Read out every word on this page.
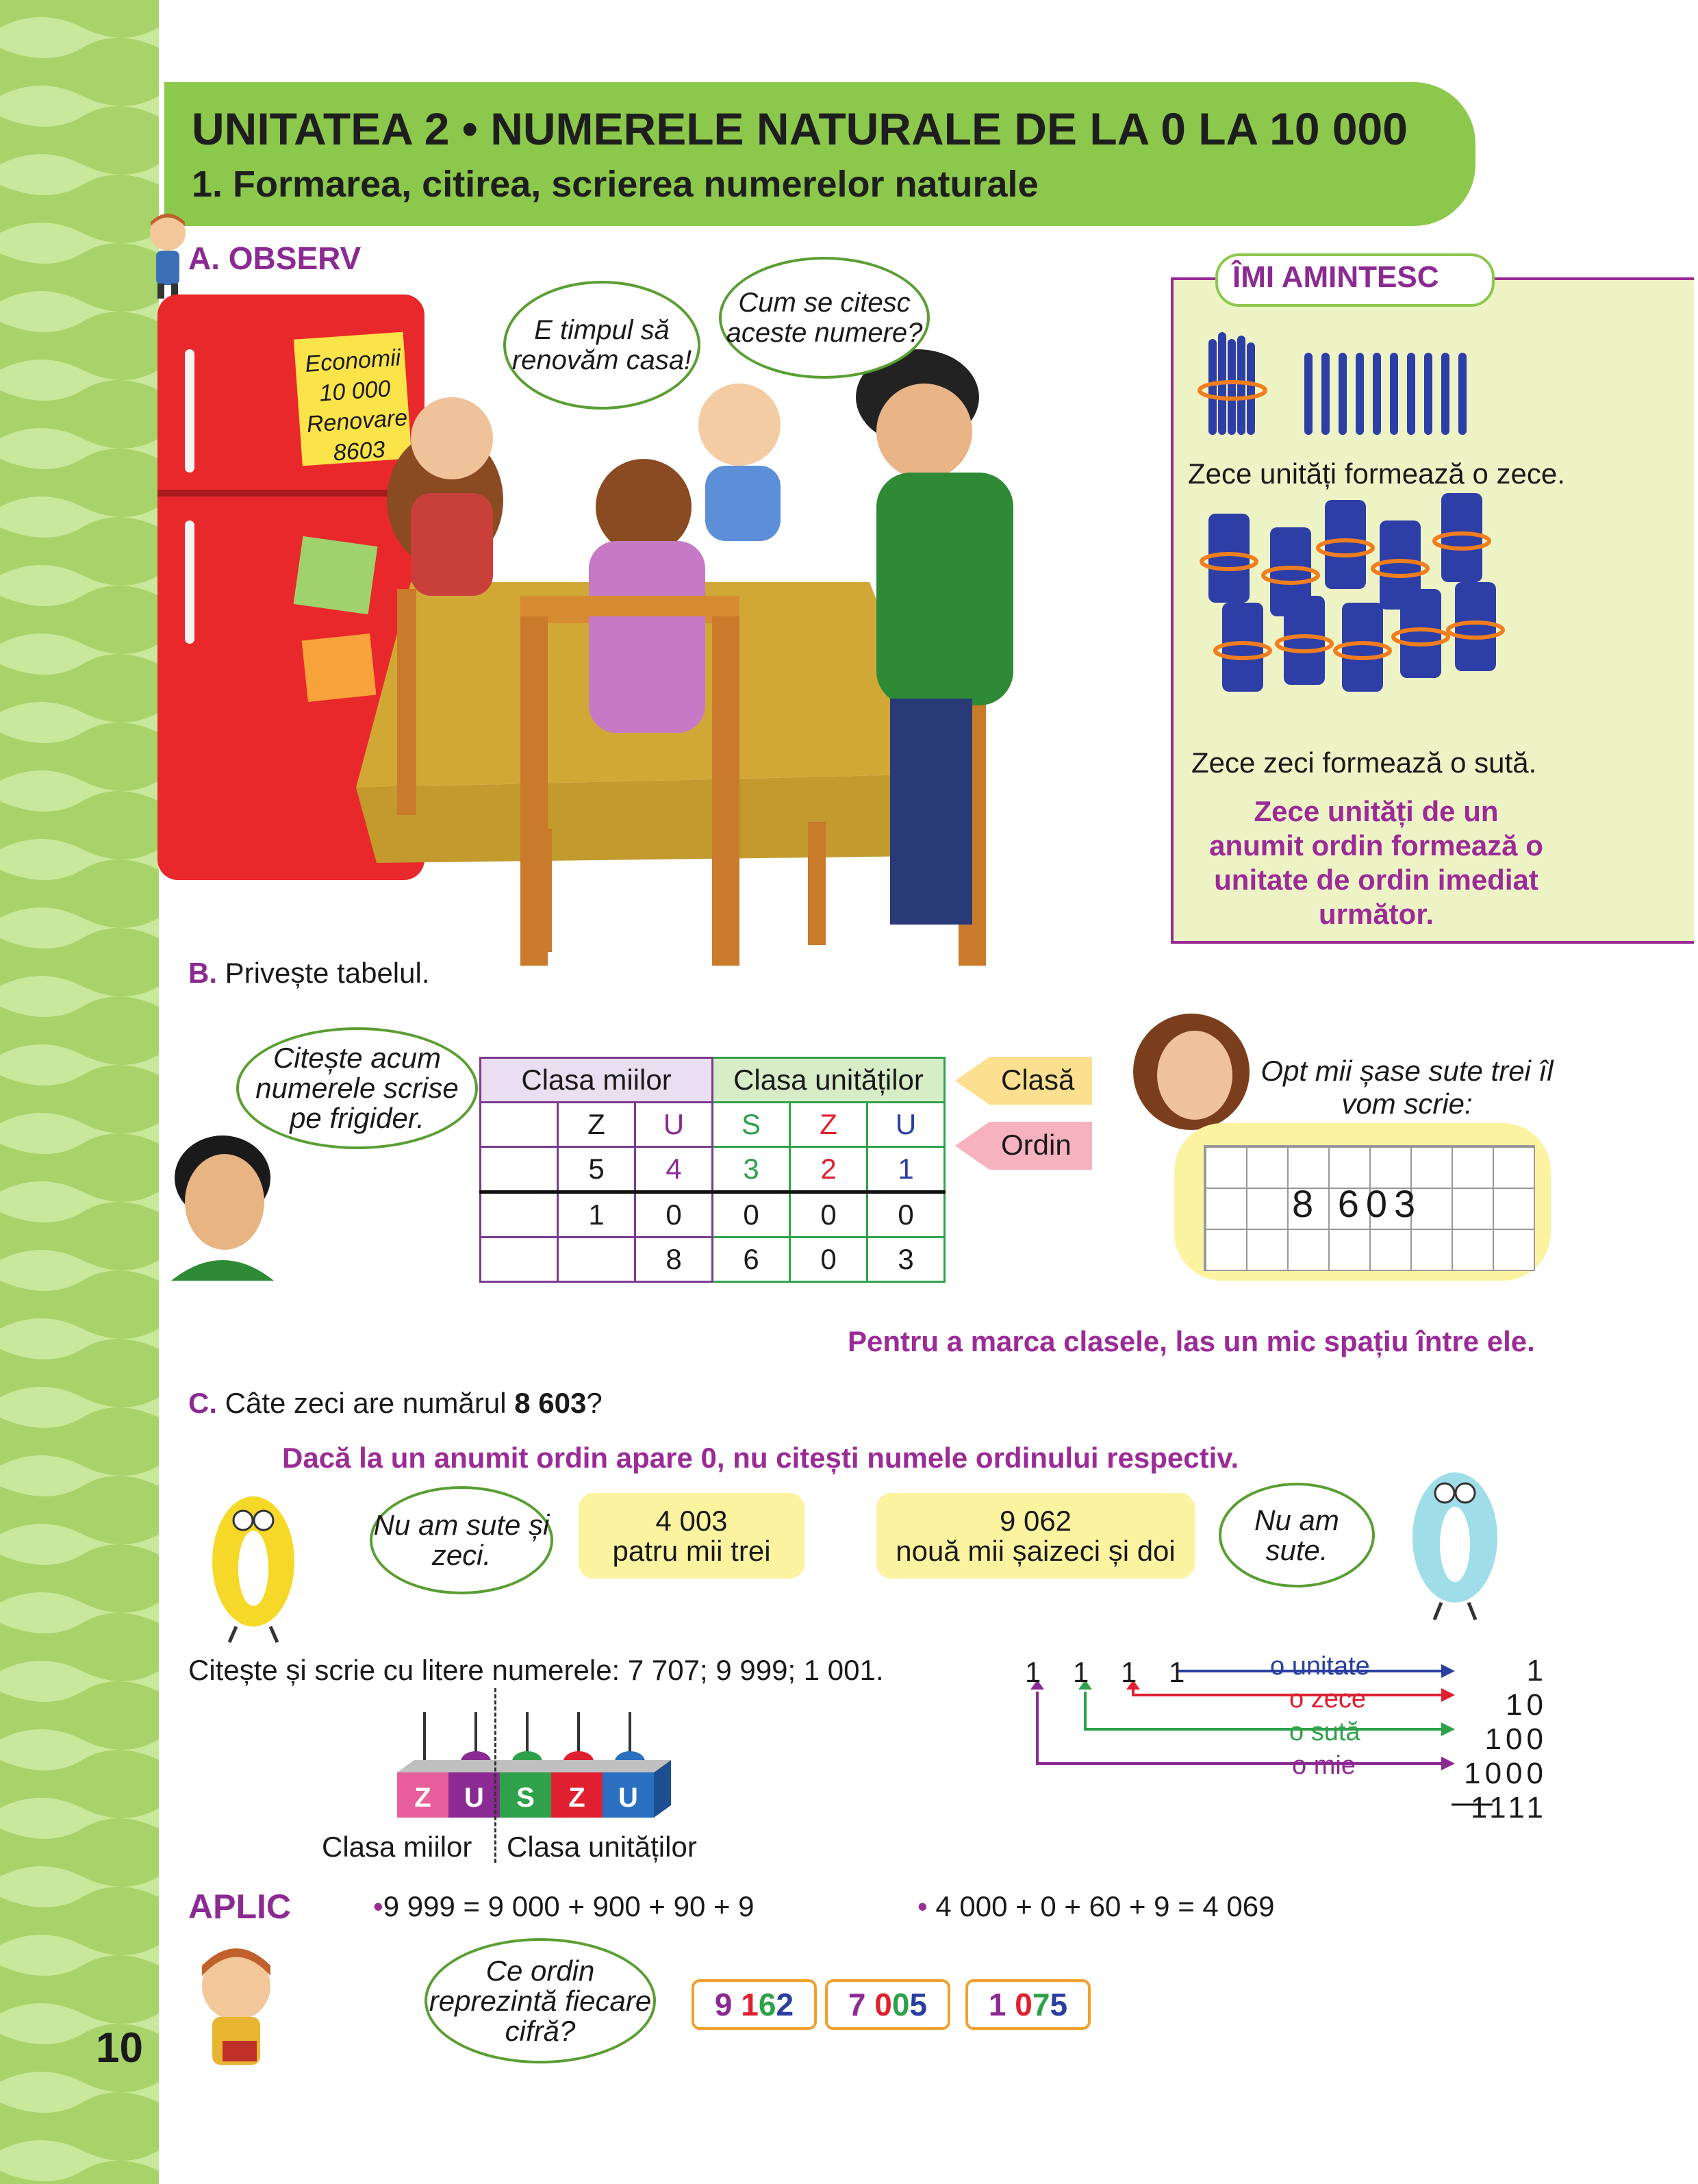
UNITATEA 2 • NUMERELE NATURALE DE LA 0 LA 10 000
1. Formarea, citirea, scrierea numerelor naturale
A. OBSERV
Economii
10 000
Renovare
8603
E timpul să renovăm casa!
Cum se citesc aceste numere?
ÎMI AMINTESC
Zece unități formează o zece.
Zece zeci formează o sută.
Zece unități de un anumit ordin formează o unitate de ordin imediat următor.
B. Privește tabelul.
Citește acum numerele scrise pe frigider.
Clasa miilor			Clasa unităților		
	Z	U	S	Z	U
	5	4	3	2	1
	1	0	0	0	0
		8	6	0	3
Clasă
Ordin
Opt mii șase sute trei îl vom scrie:
8 603
Pentru a marca clasele, las un mic spațiu între ele.
C. Câte zeci are numărul 8 603?
Dacă la un anumit ordin apare 0, nu citești numele ordinului respectiv.
Nu am sute și zeci.
4 003
patru mii trei
9 062
nouă mii șaizeci și doi
Nu am sute.
Citește și scrie cu litere numerele: 7 707; 9 999; 1 001.
Z	U	S	Z	U
Clasa miilor Clasa unităților
1	1	1	1	o unitate
o zece
o sută
o mie
1
10
100
1000
1111
APLIC	•9 999 = 9 000 + 900 + 90 + 9	• 4 000 + 0 + 60 + 9 = 4 069
Ce ordin reprezintă fiecare cifră?
9 162	7 005	1 075
10
